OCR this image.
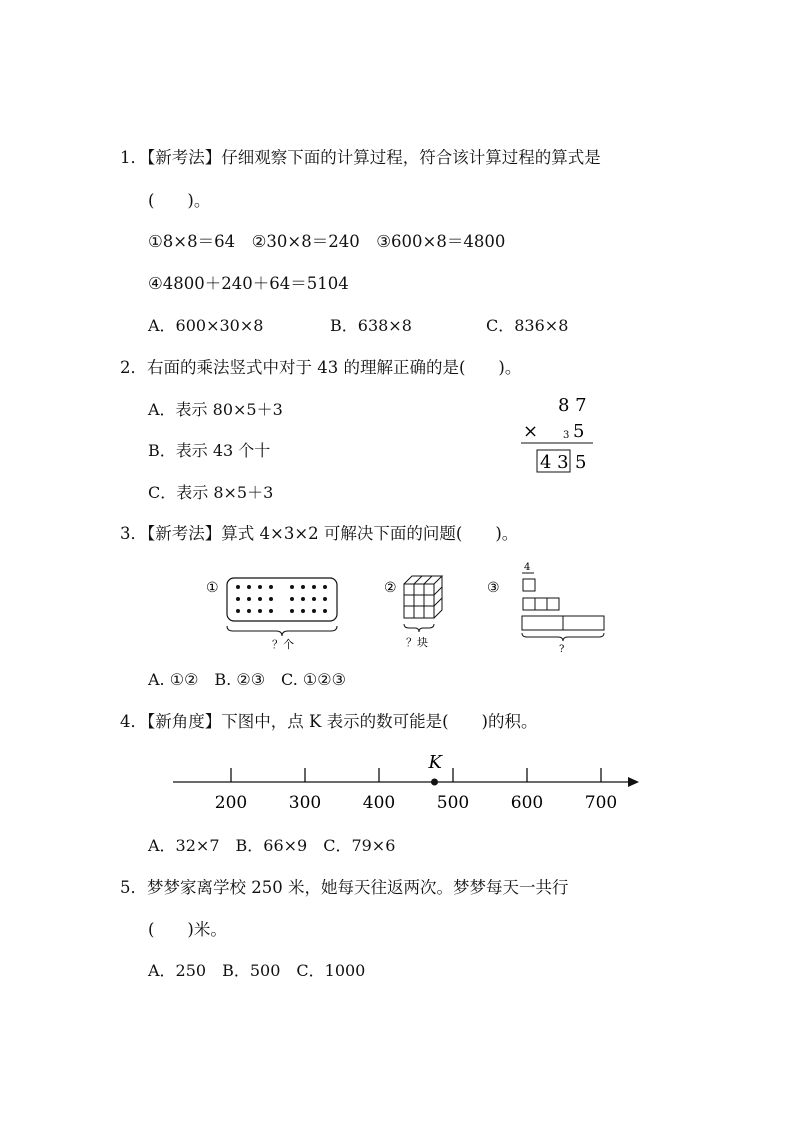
1．【新考法】仔细观察下面的计算过程，符合该计算过程的算式是
(　　)。
①8×8＝64　②30×8＝240　③600×8＝4800
④4800＋240＋64＝5104
A．600×30×8	B．638×8	C．836×8
2．右面的乘法竖式中对于 43 的理解正确的是(　　)。
A．表示 80×5＋3
B．表示 43 个十
C．表示 8×5＋3
8 7
× 3 5
4 3 5
3．【新考法】算式 4×3×2 可解决下面的问题(　　)。
①
？个
②
？块
③
4
?
A. ①②　B. ②③　C. ①②③
4．【新角度】下图中，点 K 表示的数可能是(　　)的积。
200 300 400 500 600 700
K
A．32×7　B．66×9　C．79×6
5．梦梦家离学校 250 米，她每天往返两次。梦梦每天一共行
(　　)米。
A．250　B．500　C．1000
